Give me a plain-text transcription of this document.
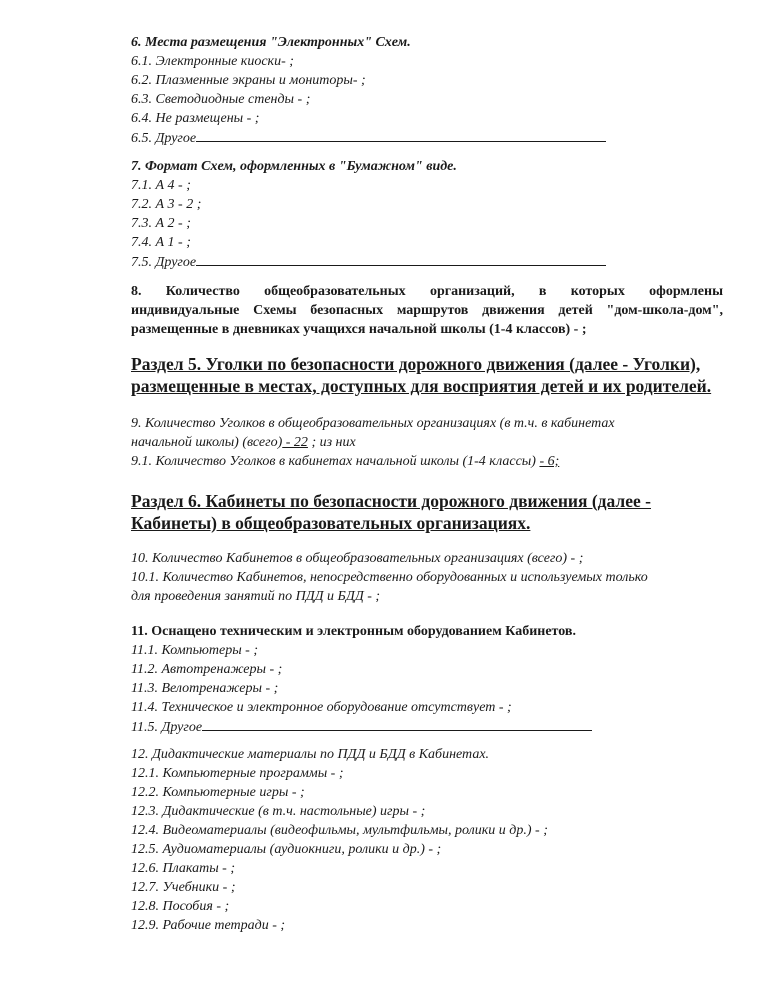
6. Места размещения "Электронных" Схем.
6.1. Электронные киоски- ;
6.2. Плазменные экраны и мониторы- ;
6.3. Светодиодные стенды - ;
6.4. Не размещены - ;
6.5. Другое
7. Формат Схем, оформленных в "Бумажном" виде.
7.1. А 4 - ;
7.2. А 3 - 2 ;
7.3. А 2 - ;
7.4. А 1 - ;
7.5. Другое
8. Количество общеобразовательных организаций, в которых оформлены
индивидуальные Схемы безопасных маршрутов движения детей "дом-школа-дом",
размещенные в дневниках учащихся начальной школы (1-4 классов) - ;
Раздел 5. Уголки по безопасности дорожного движения (далее - Уголки),
размещенные в местах, доступных для восприятия детей и их родителей.
9. Количество Уголков в общеобразовательных организациях (в т.ч. в кабинетах
начальной школы) (всего) - 22 ; из них
9.1. Количество Уголков в кабинетах начальной школы (1-4 классы) - 6;
Раздел 6. Кабинеты по безопасности дорожного движения (далее -
Кабинеты) в общеобразовательных организациях.
10. Количество Кабинетов в общеобразовательных организациях (всего) - ;
10.1. Количество Кабинетов, непосредственно оборудованных и используемых только
для проведения занятий по ПДД и БДД - ;
11. Оснащено техническим и электронным оборудованием Кабинетов.
11.1. Компьютеры - ;
11.2. Автотренажеры - ;
11.3. Велотренажеры - ;
11.4. Техническое и электронное оборудование отсутствует - ;
11.5. Другое
12. Дидактические материалы по ПДД и БДД в Кабинетах.
12.1. Компьютерные программы - ;
12.2. Компьютерные игры - ;
12.3. Дидактические (в т.ч. настольные) игры - ;
12.4. Видеоматериалы (видеофильмы, мультфильмы, ролики и др.) - ;
12.5. Аудиоматериалы (аудиокниги, ролики и др.) - ;
12.6. Плакаты - ;
12.7. Учебники - ;
12.8. Пособия - ;
12.9. Рабочие тетради - ;
